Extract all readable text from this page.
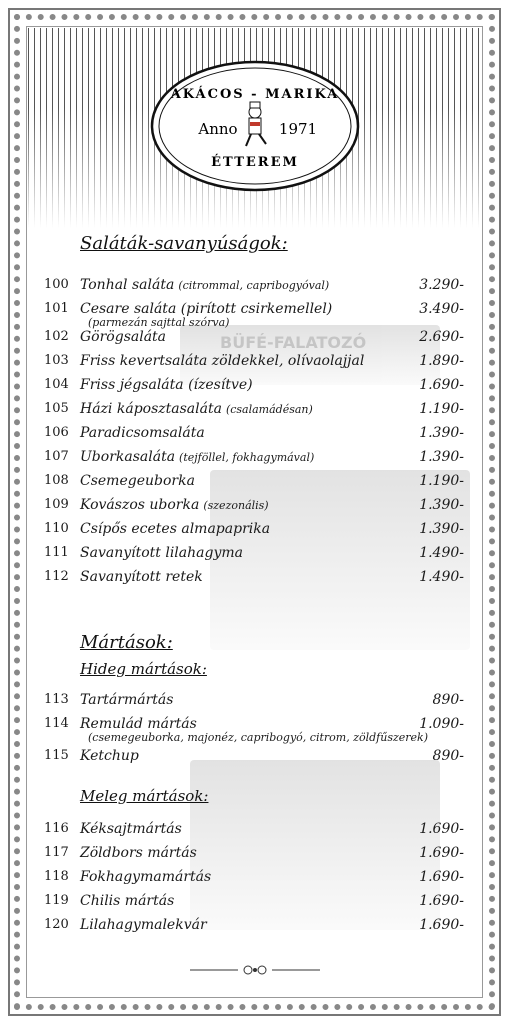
BÜFÉ-FALATOZÓ
AKÁCOS - MARIKA
Anno	1971
ÉTTEREM
Saláták-savanyúságok:
100 Tonhal saláta (citrommal, capribogyóval)	3.290-
101 Cesare saláta (pirított csirkemellel)	3.490-
(parmezán sajttal szórva)
102 Görögsaláta	2.690-
103 Friss kevertsaláta zöldekkel, olívaolajjal	1.890-
104 Friss jégsaláta (ízesítve)	1.690-
105 Házi káposztasaláta (csalamádésan)	1.190-
106 Paradicsomsaláta	1.390-
107 Uborkasaláta (tejföllel, fokhagymával)	1.390-
108 Csemegeuborka	1.190-
109 Kovászos uborka (szezonális)	1.390-
110 Csípős ecetes almapaprika	1.390-
111 Savanyított lilahagyma	1.490-
112 Savanyított retek	1.490-
Mártások:
Hideg mártások:
113 Tartármártás	890-
114 Remulád mártás	1.090-
(csemegeuborka, majonéz, capribogyó, citrom, zöldfűszerek)
115 Ketchup	890-
Meleg mártások:
116 Kéksajtmártás	1.690-
117 Zöldbors mártás	1.690-
118 Fokhagymamártás	1.690-
119 Chilis mártás	1.690-
120 Lilahagymalekvár	1.690-
